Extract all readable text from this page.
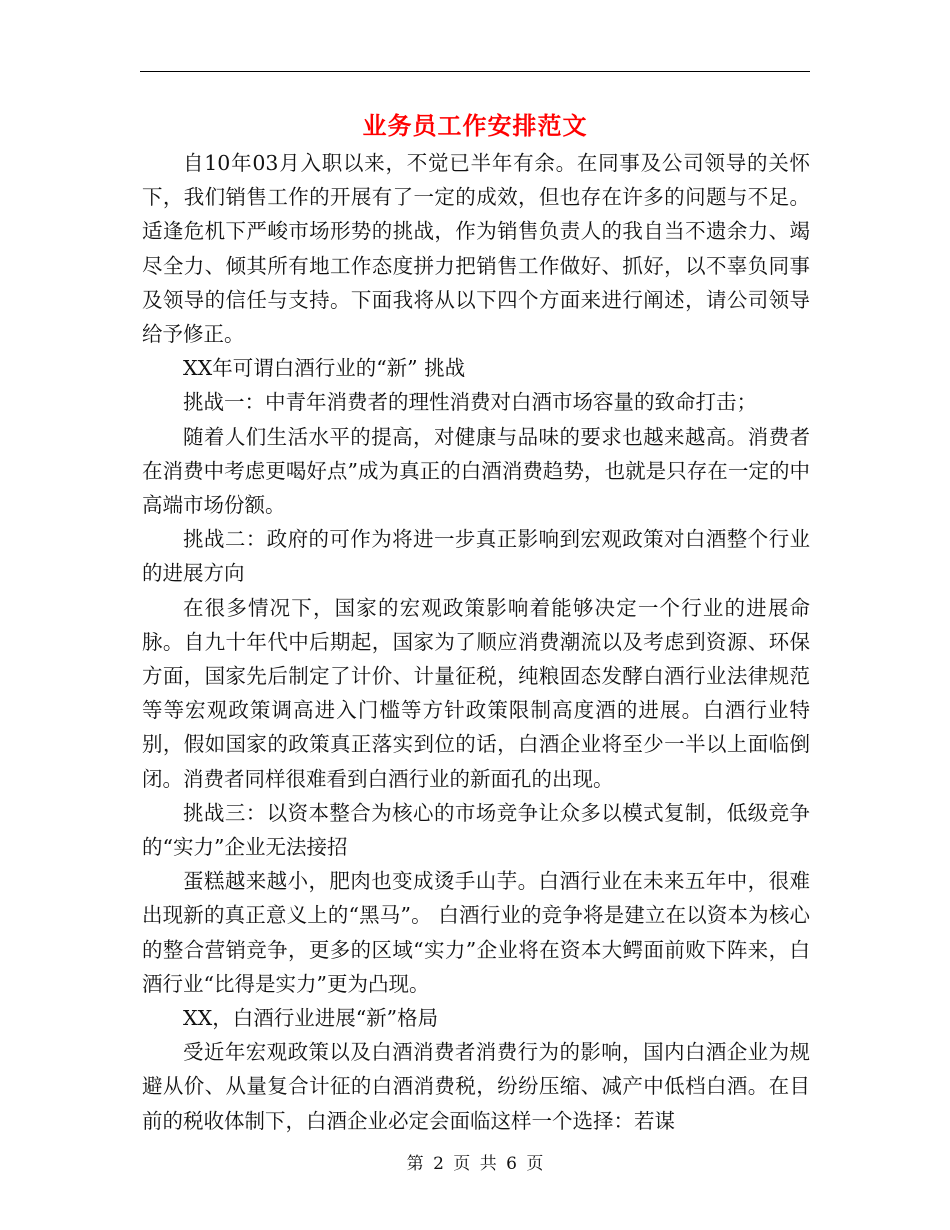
业务员工作安排范文

自10年03月入职以来，不觉已半年有余。在同事及公司领导的关怀下，我们销售工作的开展有了一定的成效，但也存在许多的问题与不足。适逢危机下严峻市场形势的挑战，作为销售负责人的我自当不遗余力、竭尽全力、倾其所有地工作态度拼力把销售工作做好、抓好，以不辜负同事及领导的信任与支持。下面我将从以下四个方面来进行阐述，请公司领导给予修正。

XX年可谓白酒行业的“新” 挑战

挑战一：中青年消费者的理性消费对白酒市场容量的致命打击；

随着人们生活水平的提高，对健康与品味的要求也越来越高。消费者在消费中考虑更喝好点”成为真正的白酒消费趋势，也就是只存在一定的中高端市场份额。

挑战二：政府的可作为将进一步真正影响到宏观政策对白酒整个行业的进展方向

在很多情况下，国家的宏观政策影响着能够决定一个行业的进展命脉。自九十年代中后期起，国家为了顺应消费潮流以及考虑到资源、环保方面，国家先后制定了计价、计量征税，纯粮固态发酵白酒行业法律规范等等宏观政策调高进入门槛等方针政策限制高度酒的进展。白酒行业特别，假如国家的政策真正落实到位的话，白酒企业将至少一半以上面临倒闭。消费者同样很难看到白酒行业的新面孔的出现。

挑战三：以资本整合为核心的市场竞争让众多以模式复制，低级竞争的“实力”企业无法接招

蛋糕越来越小，肥肉也变成烫手山芋。白酒行业在未来五年中，很难出现新的真正意义上的“黑马”。 白酒行业的竞争将是建立在以资本为核心的整合营销竞争，更多的区域“实力”企业将在资本大鳄面前败下阵来，白酒行业“比得是实力”更为凸现。

XX，白酒行业进展“新”格局

受近年宏观政策以及白酒消费者消费行为的影响，国内白酒企业为规避从价、从量复合计征的白酒消费税，纷纷压缩、减产中低档白酒。在目前的税收体制下，白酒企业必定会面临这样一个选择：若谋

第 2 页 共 6 页
